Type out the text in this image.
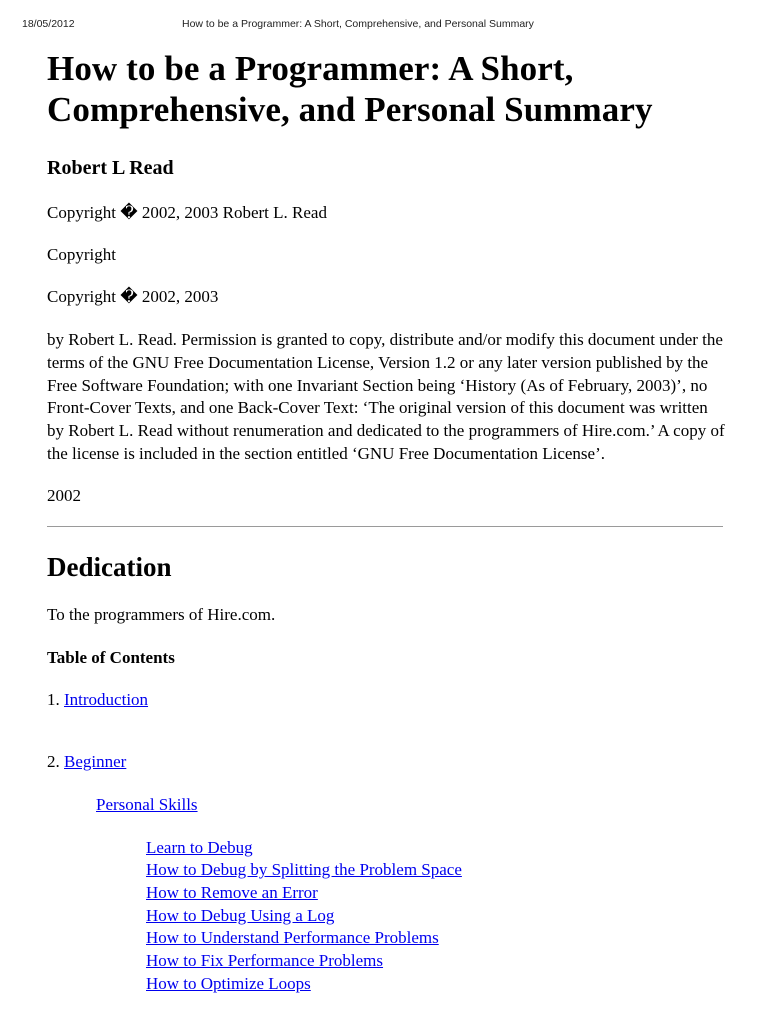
18/05/2012	How to be a Programmer: A Short, Comprehensive, and Personal Summary
How to be a Programmer: A Short,
Comprehensive, and Personal Summary
Robert L Read

Copyright � 2002, 2003 Robert L. Read

Copyright

Copyright � 2002, 2003

by Robert L. Read. Permission is granted to copy, distribute and/or modify this document under the terms of the GNU Free Documentation License, Version 1.2 or any later version published by the Free Software Foundation; with one Invariant Section being ‘History (As of February, 2003)’, no Front-Cover Texts, and one Back-Cover Text: ‘The original version of this document was written by Robert L. Read without renumeration and dedicated to the programmers of Hire.com.’ A copy of the license is included in the section entitled ‘GNU Free Documentation License’.

2002

Dedication

To the programmers of Hire.com.

Table of Contents

1. Introduction

2. Beginner

Personal Skills

Learn to Debug
How to Debug by Splitting the Problem Space
How to Remove an Error
How to Debug Using a Log
How to Understand Performance Problems
How to Fix Performance Problems
How to Optimize Loops
